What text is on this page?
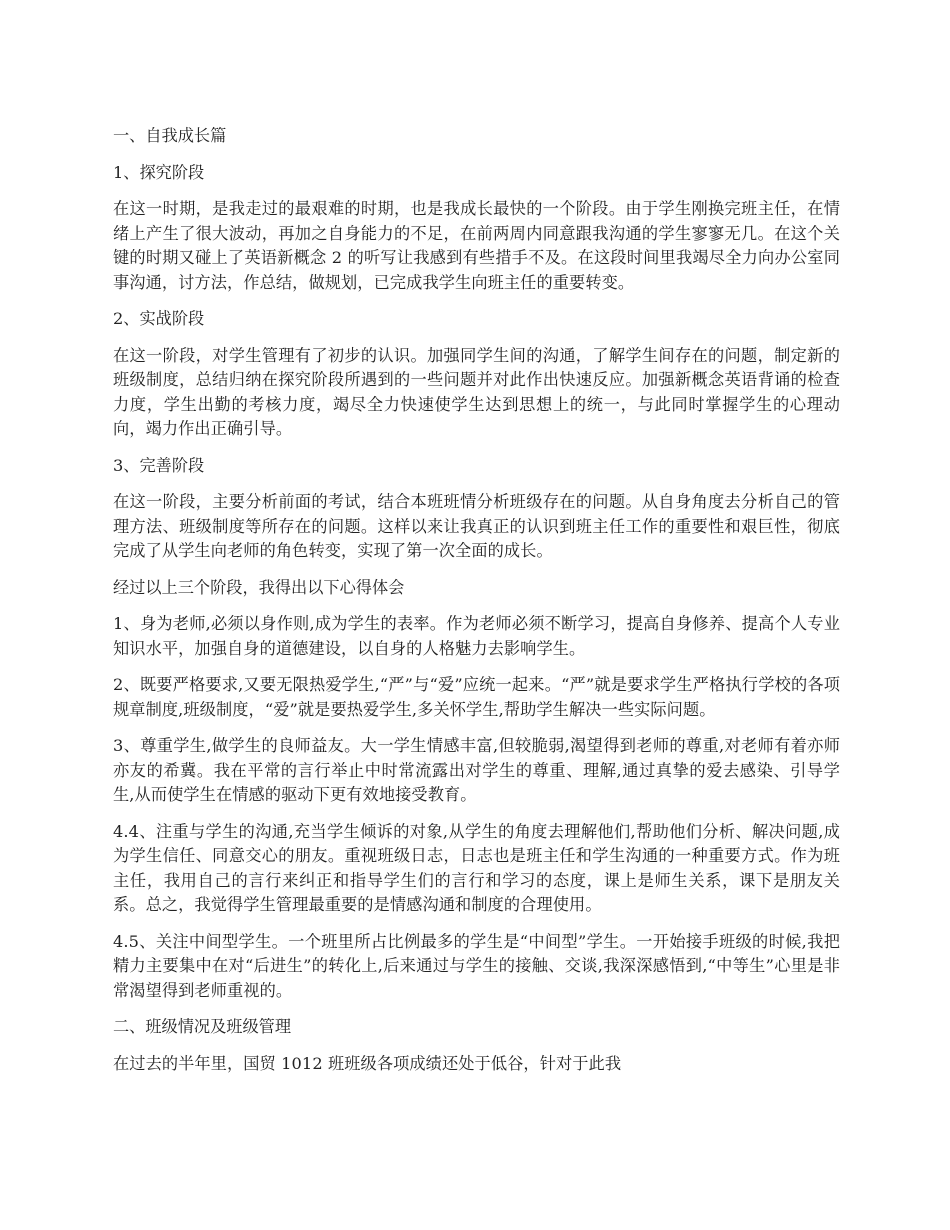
一、自我成长篇

1、探究阶段

在这一时期，是我走过的最艰难的时期，也是我成长最快的一个阶段。由于学生刚换完班主任，在情绪上产生了很大波动，再加之自身能力的不足，在前两周内同意跟我沟通的学生寥寥无几。在这个关键的时期又碰上了英语新概念 2 的听写让我感到有些措手不及。在这段时间里我竭尽全力向办公室同事沟通，讨方法，作总结，做规划，已完成我学生向班主任的重要转变。

2、实战阶段

在这一阶段，对学生管理有了初步的认识。加强同学生间的沟通，了解学生间存在的问题，制定新的班级制度，总结归纳在探究阶段所遇到的一些问题并对此作出快速反应。加强新概念英语背诵的检查力度，学生出勤的考核力度，竭尽全力快速使学生达到思想上的统一，与此同时掌握学生的心理动向，竭力作出正确引导。

3、完善阶段

在这一阶段，主要分析前面的考试，结合本班班情分析班级存在的问题。从自身角度去分析自己的管理方法、班级制度等所存在的问题。这样以来让我真正的认识到班主任工作的重要性和艰巨性，彻底完成了从学生向老师的角色转变，实现了第一次全面的成长。

经过以上三个阶段，我得出以下心得体会

1、身为老师,必须以身作则,成为学生的表率。作为老师必须不断学习，提高自身修养、提高个人专业知识水平，加强自身的道德建设，以自身的人格魅力去影响学生。

2、既要严格要求,又要无限热爱学生,“严”与“爱”应统一起来。“严”就是要求学生严格执行学校的各项规章制度,班级制度，“爱”就是要热爱学生,多关怀学生,帮助学生解决一些实际问题。

3、尊重学生,做学生的良师益友。大一学生情感丰富,但较脆弱,渴望得到老师的尊重,对老师有着亦师亦友的希冀。我在平常的言行举止中时常流露出对学生的尊重、理解,通过真挚的爱去感染、引导学生,从而使学生在情感的驱动下更有效地接受教育。

4.4、注重与学生的沟通,充当学生倾诉的对象,从学生的角度去理解他们,帮助他们分析、解决问题,成为学生信任、同意交心的朋友。重视班级日志，日志也是班主任和学生沟通的一种重要方式。作为班主任，我用自己的言行来纠正和指导学生们的言行和学习的态度，课上是师生关系，课下是朋友关系。总之，我觉得学生管理最重要的是情感沟通和制度的合理使用。

4.5、关注中间型学生。一个班里所占比例最多的学生是“中间型”学生。一开始接手班级的时候,我把精力主要集中在对“后进生”的转化上,后来通过与学生的接触、交谈,我深深感悟到,“中等生”心里是非常渴望得到老师重视的。

二、班级情况及班级管理

在过去的半年里，国贸 1012 班班级各项成绩还处于低谷，针对于此我
